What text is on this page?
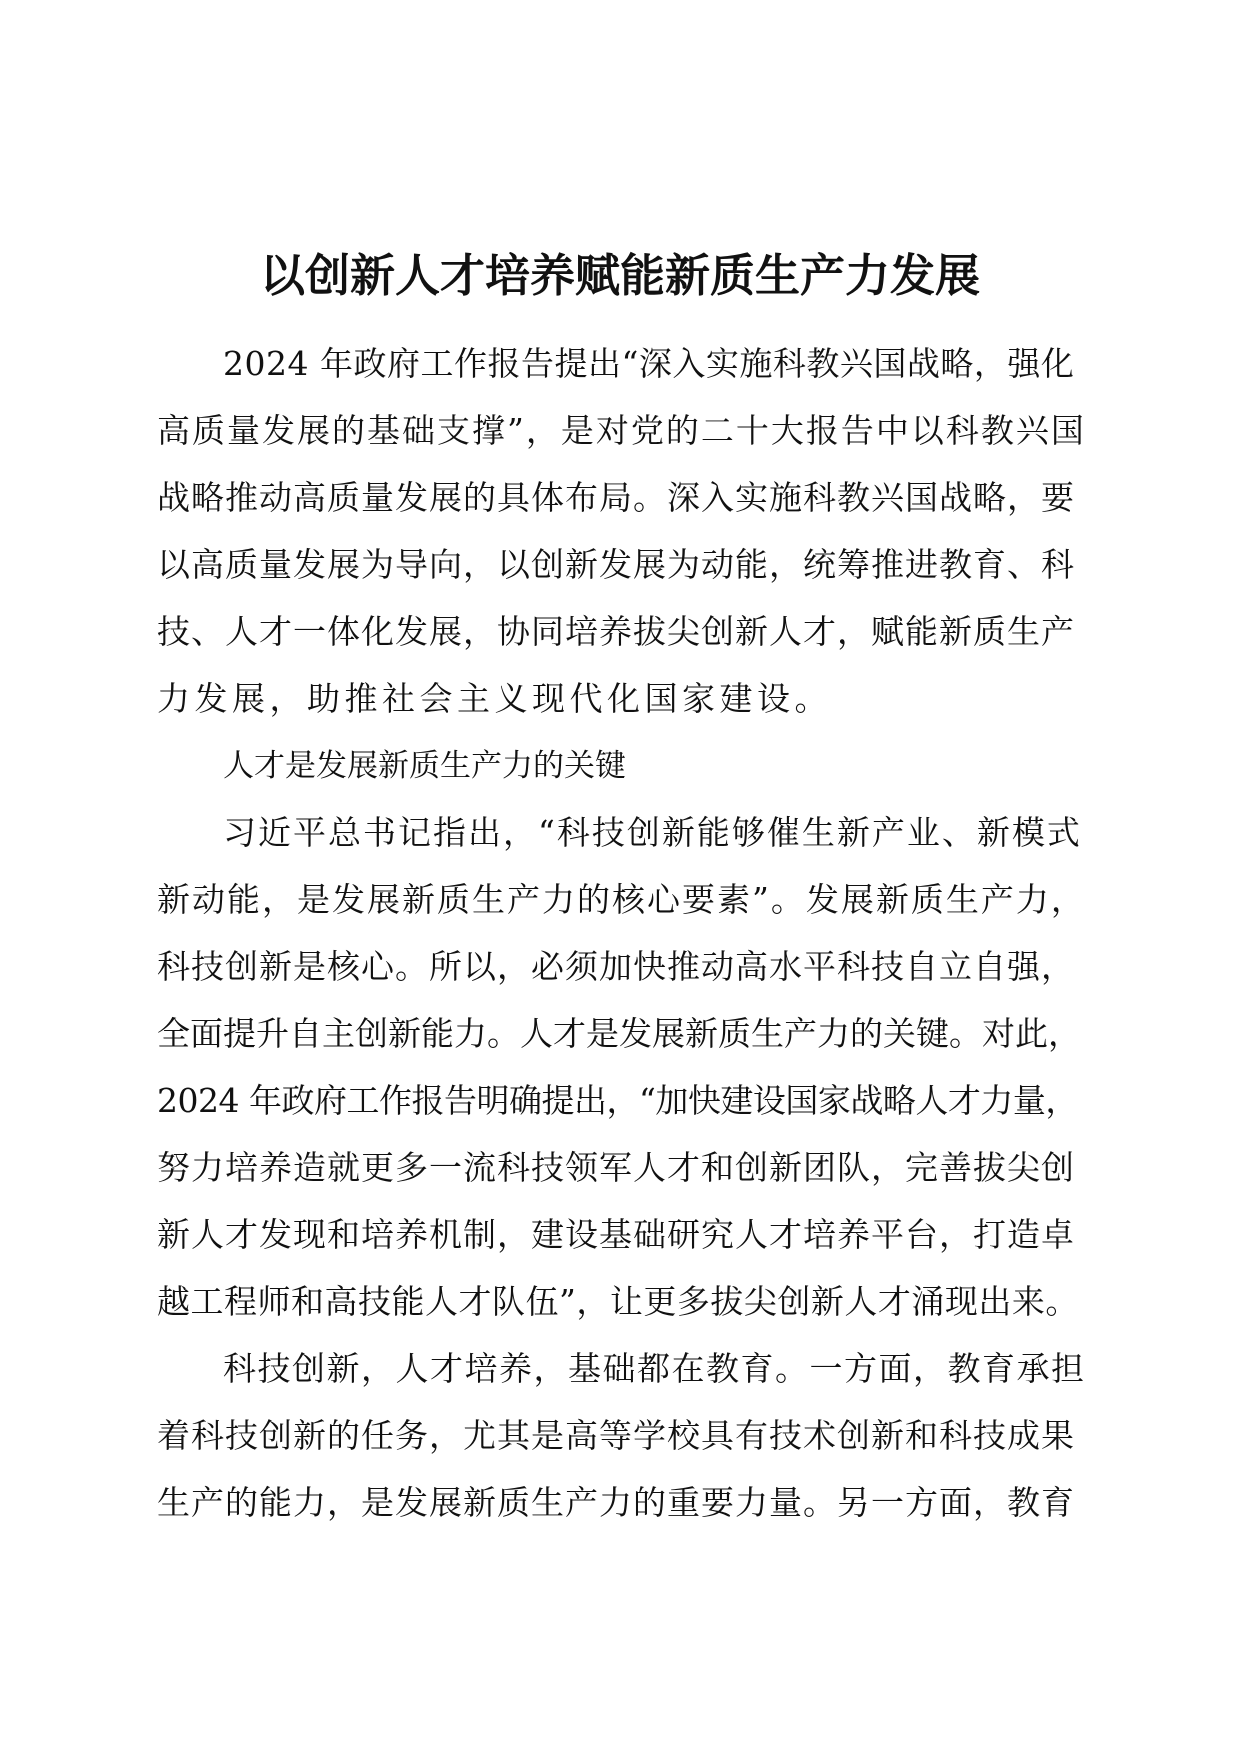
以创新人才培养赋能新质生产力发展
2024 年政府工作报告提出“深入实施科教兴国战略，强化
高质量发展的基础支撑”，是对党的二十大报告中以科教兴国
战略推动高质量发展的具体布局。深入实施科教兴国战略，要
以高质量发展为导向，以创新发展为动能，统筹推进教育、科
技、人才一体化发展，协同培养拔尖创新人才，赋能新质生产
力发展，助推社会主义现代化国家建设。
人才是发展新质生产力的关键
习近平总书记指出，“科技创新能够催生新产业、新模式
新动能，是发展新质生产力的核心要素”。发展新质生产力，
科技创新是核心。所以，必须加快推动高水平科技自立自强，
全面提升自主创新能力。人才是发展新质生产力的关键。对此，
2024 年政府工作报告明确提出，“加快建设国家战略人才力量，
努力培养造就更多一流科技领军人才和创新团队，完善拔尖创
新人才发现和培养机制，建设基础研究人才培养平台，打造卓
越工程师和高技能人才队伍”，让更多拔尖创新人才涌现出来。
科技创新，人才培养，基础都在教育。一方面，教育承担
着科技创新的任务，尤其是高等学校具有技术创新和科技成果
生产的能力，是发展新质生产力的重要力量。另一方面，教育
